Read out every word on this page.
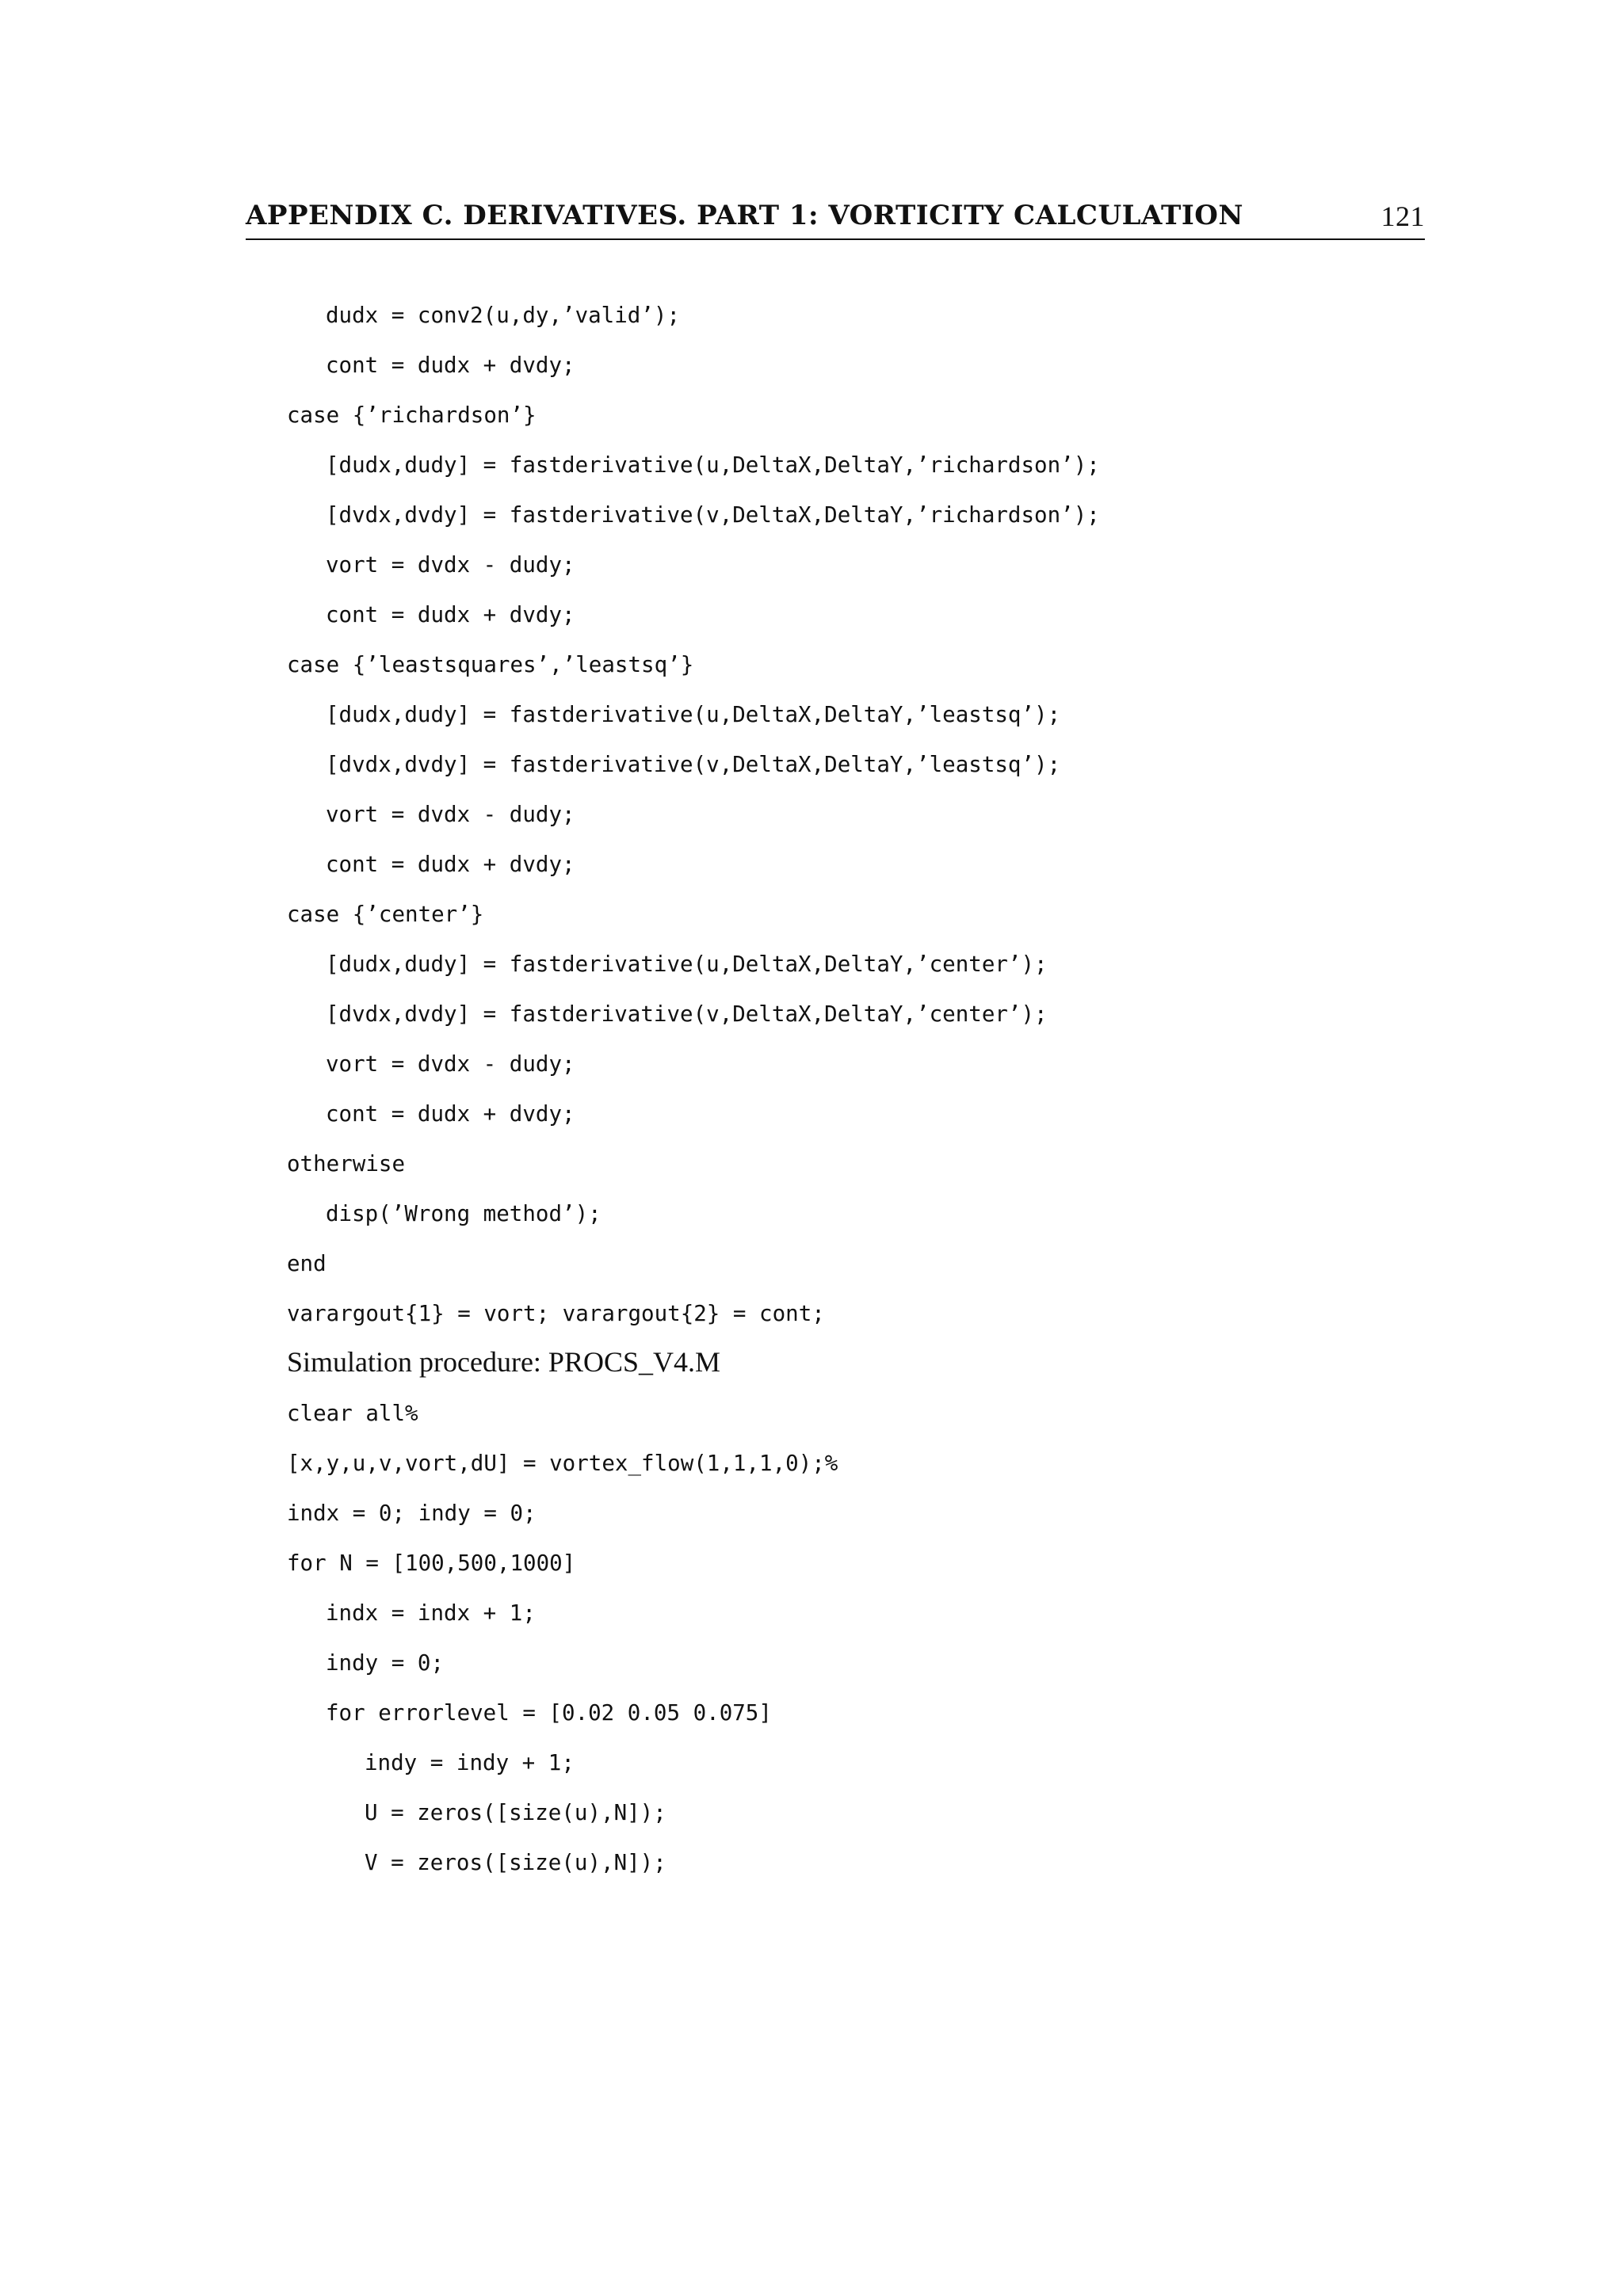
APPENDIX C. DERIVATIVES. PART 1: VORTICITY CALCULATION	121
dudx = conv2(u,dy,’valid’);
cont = dudx + dvdy;
case {’richardson’}
[dudx,dudy] = fastderivative(u,DeltaX,DeltaY,’richardson’);
[dvdx,dvdy] = fastderivative(v,DeltaX,DeltaY,’richardson’);
vort = dvdx - dudy;
cont = dudx + dvdy;
case {’leastsquares’,’leastsq’}
[dudx,dudy] = fastderivative(u,DeltaX,DeltaY,’leastsq’);
[dvdx,dvdy] = fastderivative(v,DeltaX,DeltaY,’leastsq’);
vort = dvdx - dudy;
cont = dudx + dvdy;
case {’center’}
[dudx,dudy] = fastderivative(u,DeltaX,DeltaY,’center’);
[dvdx,dvdy] = fastderivative(v,DeltaX,DeltaY,’center’);
vort = dvdx - dudy;
cont = dudx + dvdy;
otherwise
disp(’Wrong method’);
end
varargout{1} = vort; varargout{2} = cont;
Simulation procedure: PROCS_V4.M
clear all%
[x,y,u,v,vort,dU] = vortex_flow(1,1,1,0);%
indx = 0; indy = 0;
for N = [100,500,1000]
indx = indx + 1;
indy = 0;
for errorlevel = [0.02 0.05 0.075]
indy = indy + 1;
U = zeros([size(u),N]);
V = zeros([size(u),N]);
